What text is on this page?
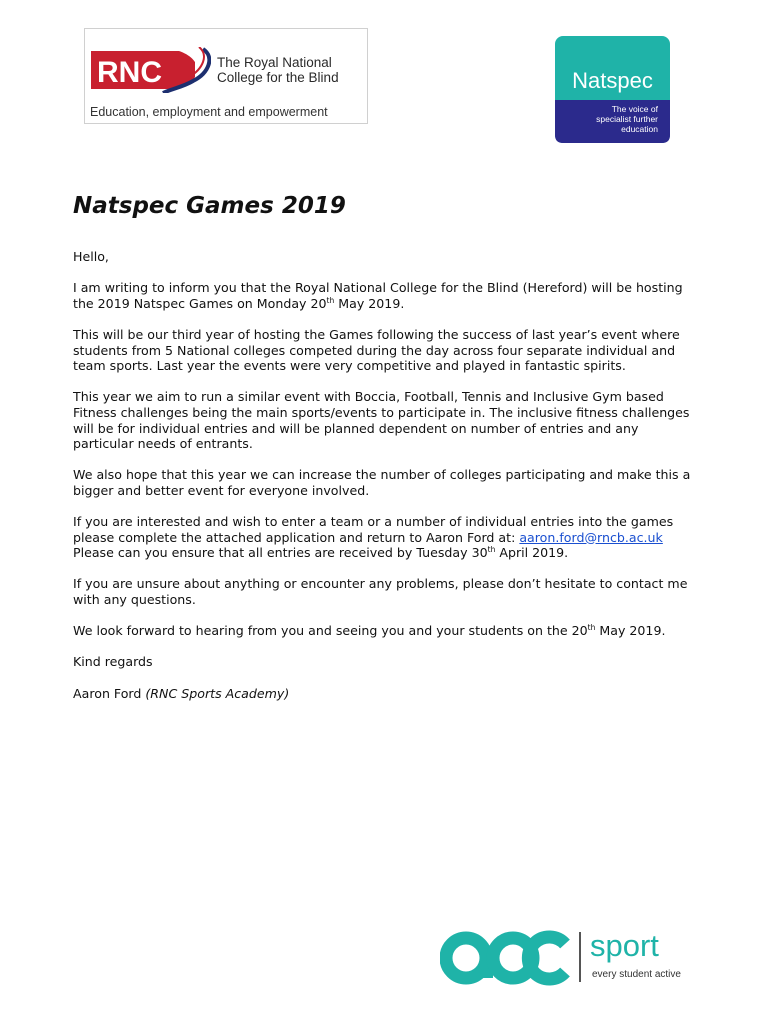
RNC	The Royal National
College for the Blind
Education, employment and empowerment
Natspec
The voice of
specialist further
education
Natspec Games 2019

Hello,

I am writing to inform you that the Royal National College for the Blind (Hereford) will be hosting the 2019 Natspec Games on Monday 20th May 2019.

This will be our third year of hosting the Games following the success of last year’s event where students from 5 National colleges competed during the day across four separate individual and team sports. Last year the events were very competitive and played in fantastic spirits.

This year we aim to run a similar event with Boccia, Football, Tennis and Inclusive Gym based Fitness challenges being the main sports/events to participate in. The inclusive fitness challenges will be for individual entries and will be planned dependent on number of entries and any particular needs of entrants.

We also hope that this year we can increase the number of colleges participating and make this a bigger and better event for everyone involved.

If you are interested and wish to enter a team or a number of individual entries into the games please complete the attached application and return to Aaron Ford at: aaron.ford@rncb.ac.uk Please can you ensure that all entries are received by Tuesday 30th April 2019.

If you are unsure about anything or encounter any problems, please don’t hesitate to contact me with any questions.

We look forward to hearing from you and seeing you and your students on the 20th May 2019.

Kind regards

Aaron Ford (RNC Sports Academy)

sport
every student active
